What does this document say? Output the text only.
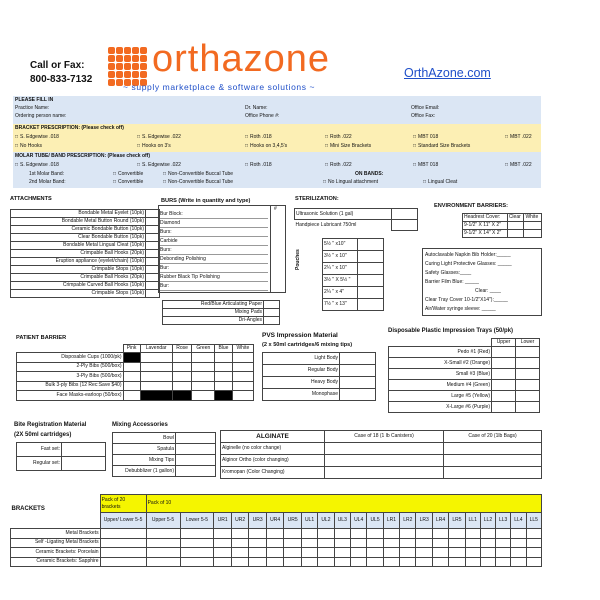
Call or Fax:
800-833-7132 orthazone
~ supply marketplace & software solutions ~
OrthAzone.com
PLEASE FILL IN
Practice Name:	Dr. Name:	Office Email:
Ordering person name:	Office Phone #:	Office Fax:
BRACKET PRESCRIPTION: (Please check off)
□ S. Edgewise .018	□ S. Edgewise .022	□ Roth .018	□ Roth .022	□ MBT 018	□ MBT .022
□ No Hooks	□ Hooks on 3's	□ Hooks on 3,4,5's	□ Mini Size Brackets	□ Standard Size Brackets
MOLAR TUBE/ BAND PRESCRIPTION: (Please check off)
□ S. Edgewise .018	□ S. Edgewise .022	□ Roth .018	□ Roth .022	□ MBT 018	□ MBT .022
1st Molar Band:	□ Convertible	□ Non-Convertible Buccal Tube	ON BANDS:
2nd Molar Band:	□ Convertible	□ Non-Convertible Buccal Tube	□ No Lingual attachment	□ Lingual Cleat
ATTACHMENTS
Bondable Metal Eyelet (10pk)	
Bondable Metal Button Round (10pk)	
Ceramic Bondable Button (10pk)	
Clear Bondable Button (10pk)	
Bondable Metal Lingual Cleat (10pk)	
Crimpable Ball Hooks (20pk)	
Eruption appliance (eyelet/chain) (10pk)	
Crimpable Stops (10pk)	
Crimpable Ball Hooks (20pk)	
Crimpable Curved Ball Hooks (10pk)	
Crimpable Stops (10pk)	
BURS (Write in quantity and type)
#
Bur Block:
Diamond
Burs:
Carbide
Burs:
Debonding Polishing
Bur:
Rubber Black Tip Polishing
Bur:
Red/Blue Articulating Paper	
Mixing Pads	
Dri-Angles	
STERILIZATION:
Ultrasonic Solution (1 gal)	
Handpiece Lubricant 750ml	
Pouches
5½ " x10"	
3½ " x 10"	
2¼ " x 10"	
3½ " X 5½ "	
2¼ " x 4"	
7½ " x 13"	
ENVIRONMENT BARRIERS:
Headrest Cover:	Clear	White
9-1/2" X 11" X 2"		
9-1/2" X 14" X 2"		
Autoclavable Napkin Bib Holder:_____
Curing Light Protective Glasses: _____
Safety Glasses:____
Barrier Film Blue: _____
Clear: ____
Clear Tray Cover 10-1/2"X14"):_____
Air/Water syringe sleeve: _____
PATIENT BARRIER
	Pink	Lavendar	Rose	Green	Blue	White
Disposable Cups (1000/pk)						
2-Ply Bibs (500/box)						
3-Ply Bibs (500/box)						
Bulk 3-ply Bibs (12 Rec:Save $40)						
Face Masks-earloop (50/box)						
PVS Impression Material
(2 x 50ml cartridges/6 mixing tips)
Light Body	
Regular Body	
Heavy Body	
Monophase	
Disposable Plastic Impression Trays (50/pk)
	Upper	Lower
Pedo #1 (Red)		
X-Small #2 (Orange)		
Small #3 (Blue)		
Medium #4 (Green)		
Large #5 (Yellow)		
X-Large #6 (Purple)		
Bite Registration Material
(2X 50ml cartridges)
Fast set:	
Regular set:	
Mixing Accessories
Bowl	
Spatula	
Mixing Tips	
Debubblizer (1 gallon)	
ALGINATE	Case of 18 (1 lb Canisters)	Case of 20 (1lb Bags)
Alginelle (no color change)		
Alginor Ortho (color changing)		
Kromopan (Color Changing)		
BRACKETS	Pack of 20 brackets	Pack of 10																					
	Upper/ Lower 5-5	Upper 5-5	Lower 5-5	UR1	UR2	UR3	UR4	UR5	UL1	UL2	UL3	UL4	UL5	LR1	LR2	LR3	LR4	LR5	LL1	LL2	LL3	LL4	LL5
Metal Brackets																							
Self -Ligating Metal Brackets																							
Ceramic Brackets: Porcelain																							
Ceramic Brackets: Sapphire																							
